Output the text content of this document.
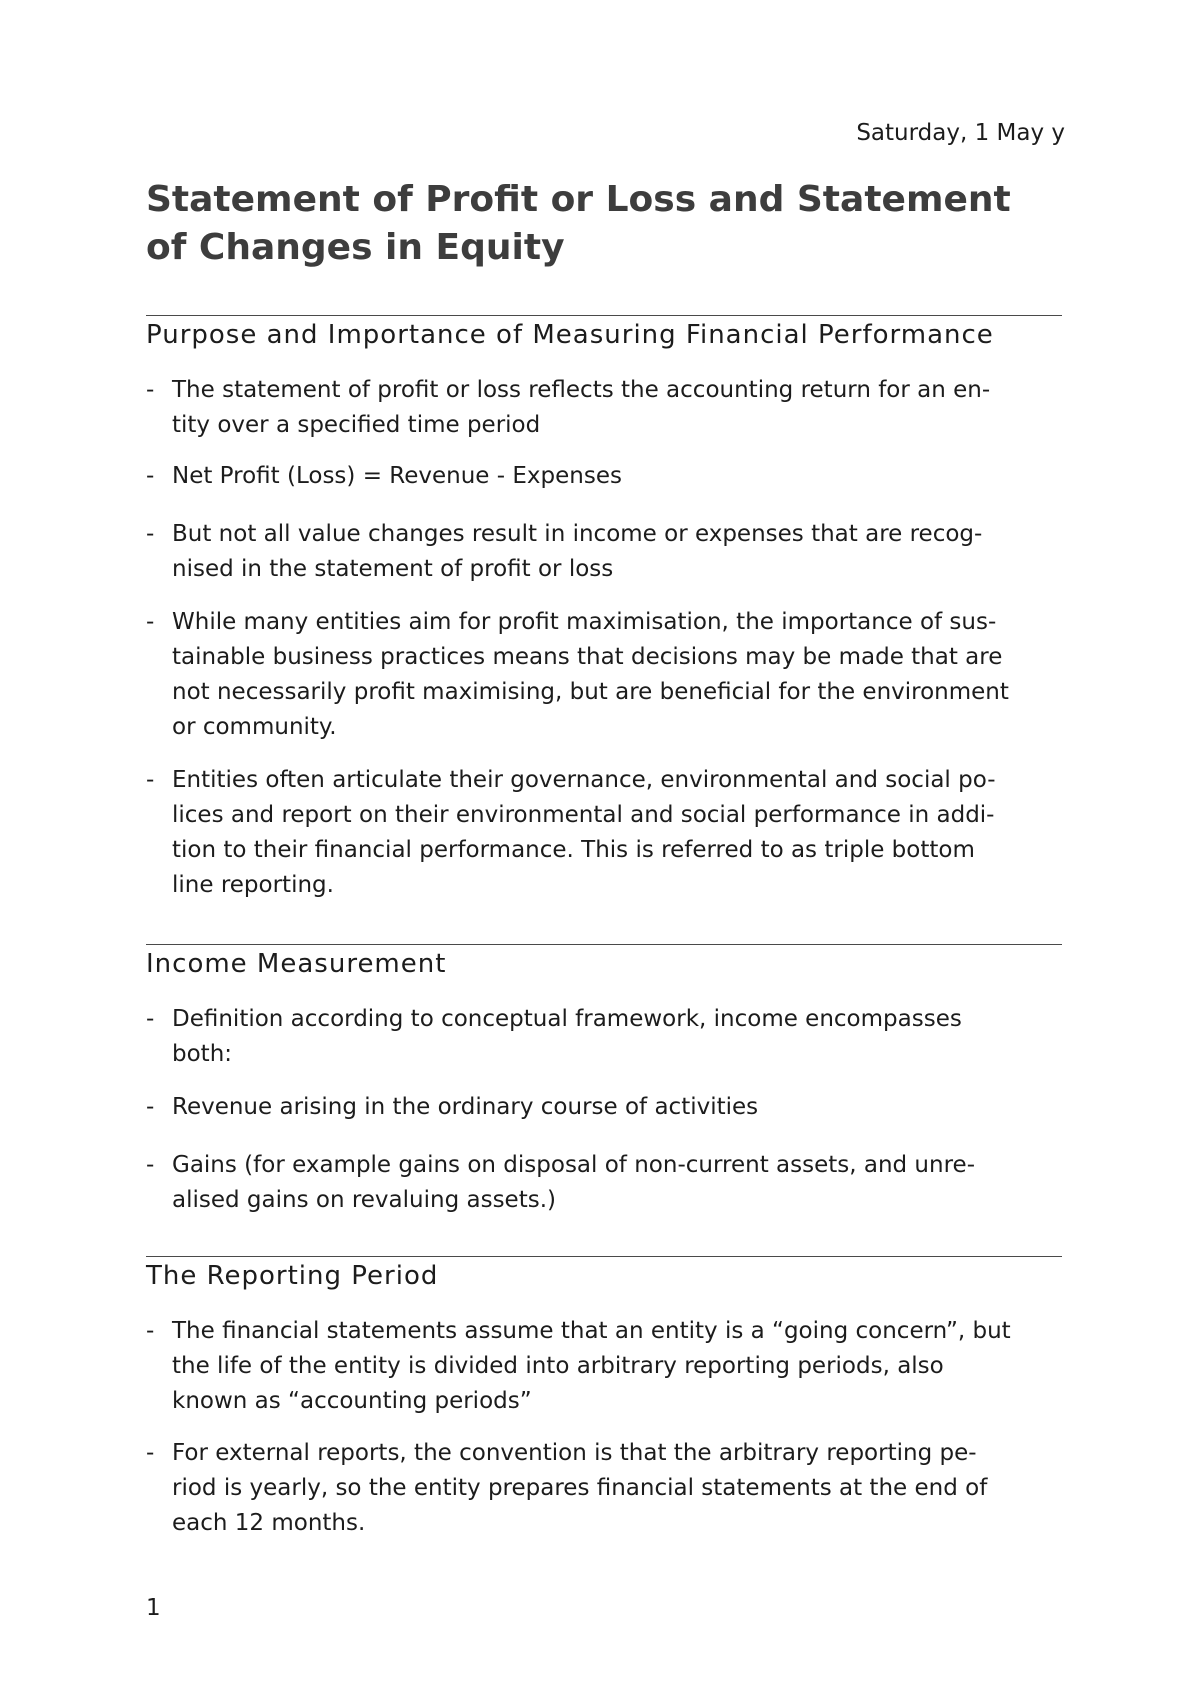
Saturday, 1 May y
Statement of Profit or Loss and Statement
of Changes in Equity
Purpose and Importance of Measuring Financial Performance
- The statement of profit or loss reflects the accounting return for an en-
tity over a specified time period
- Net Profit (Loss) = Revenue - Expenses
- But not all value changes result in income or expenses that are recog-
nised in the statement of profit or loss
- While many entities aim for profit maximisation, the importance of sus-
tainable business practices means that decisions may be made that are
not necessarily profit maximising, but are beneficial for the environment
or community.
- Entities often articulate their governance, environmental and social po-
lices and report on their environmental and social performance in addi-
tion to their financial performance. This is referred to as triple bottom
line reporting.
Income Measurement
- Definition according to conceptual framework, income encompasses
both:
- Revenue arising in the ordinary course of activities
- Gains (for example gains on disposal of non-current assets, and unre-
alised gains on revaluing assets.)
The Reporting Period
- The financial statements assume that an entity is a “going concern”, but
the life of the entity is divided into arbitrary reporting periods, also
known as “accounting periods”
- For external reports, the convention is that the arbitrary reporting pe-
riod is yearly, so the entity prepares financial statements at the end of
each 12 months.
1
